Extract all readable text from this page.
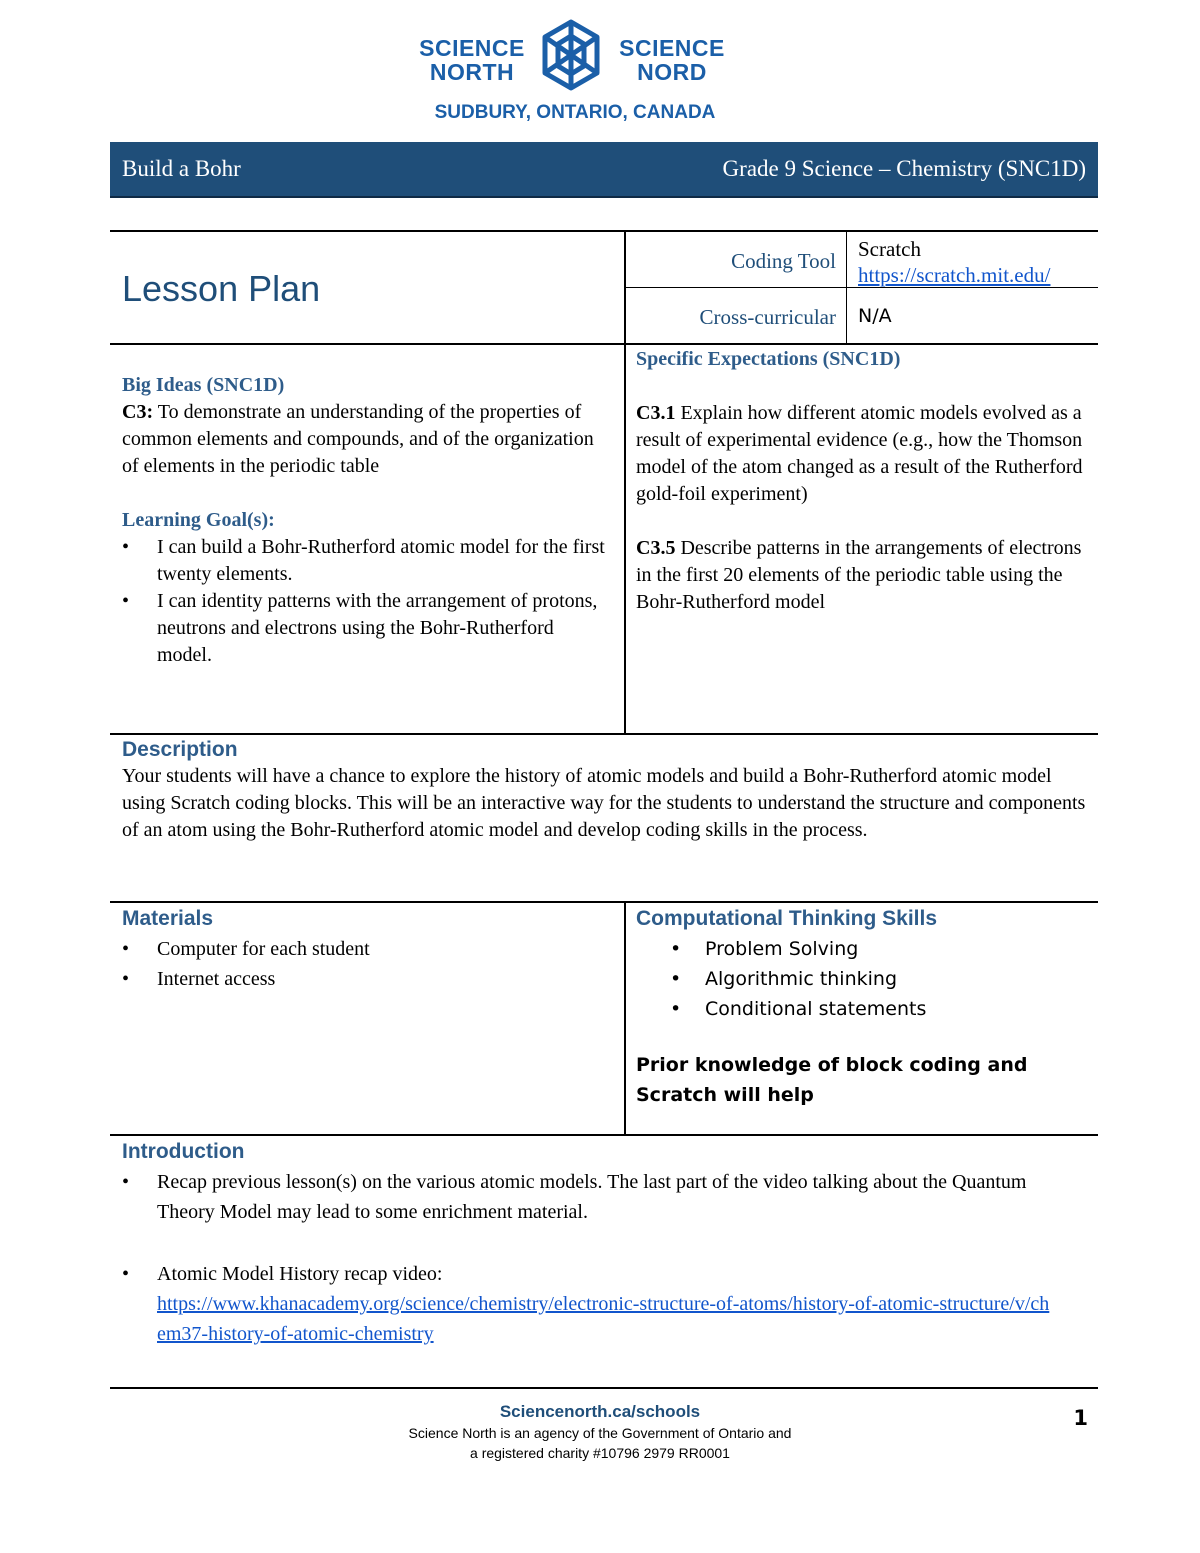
SCIENCE
NORTH
SCIENCE
NORD
SUDBURY, ONTARIO, CANADA
Build a Bohr	Grade 9 Science – Chemistry (SNC1D)
Lesson Plan
Coding Tool Scratch
https://scratch.mit.edu/
Cross-curricular N/A

Big Ideas (SNC1D)

C3: To demonstrate an understanding of the properties of common elements and compounds, and of the organization of elements in the periodic table

Learning Goal(s):

• I can build a Bohr-Rutherford atomic model for the first twenty elements.
• I can identity patterns with the arrangement of protons, neutrons and electrons using the Bohr-Rutherford model.

Specific Expectations (SNC1D)

C3.1 Explain how different atomic models evolved as a result of experimental evidence (e.g., how the Thomson model of the atom changed as a result of the Rutherford gold-foil experiment)

C3.5 Describe patterns in the arrangements of electrons in the first 20 elements of the periodic table using the Bohr-Rutherford model

Description

Your students will have a chance to explore the history of atomic models and build a Bohr-Rutherford atomic model using Scratch coding blocks. This will be an interactive way for the students to understand the structure and components of an atom using the Bohr-Rutherford atomic model and develop coding skills in the process.

Materials

• Computer for each student
• Internet access

Computational Thinking Skills

• Problem Solving
• Algorithmic thinking
• Conditional statements

Prior knowledge of block coding and Scratch will help

Introduction

• Recap previous lesson(s) on the various atomic models. The last part of the video talking about the Quantum Theory Model may lead to some enrichment material.

• Atomic Model History recap video:
https://www.khanacademy.org/science/chemistry/electronic-structure-of-atoms/history-of-atomic-structure/v/chem37-history-of-atomic-chemistry
Sciencenorth.ca/schools
Science North is an agency of the Government of Ontario and
a registered charity #10796 2979 RR0001
1
